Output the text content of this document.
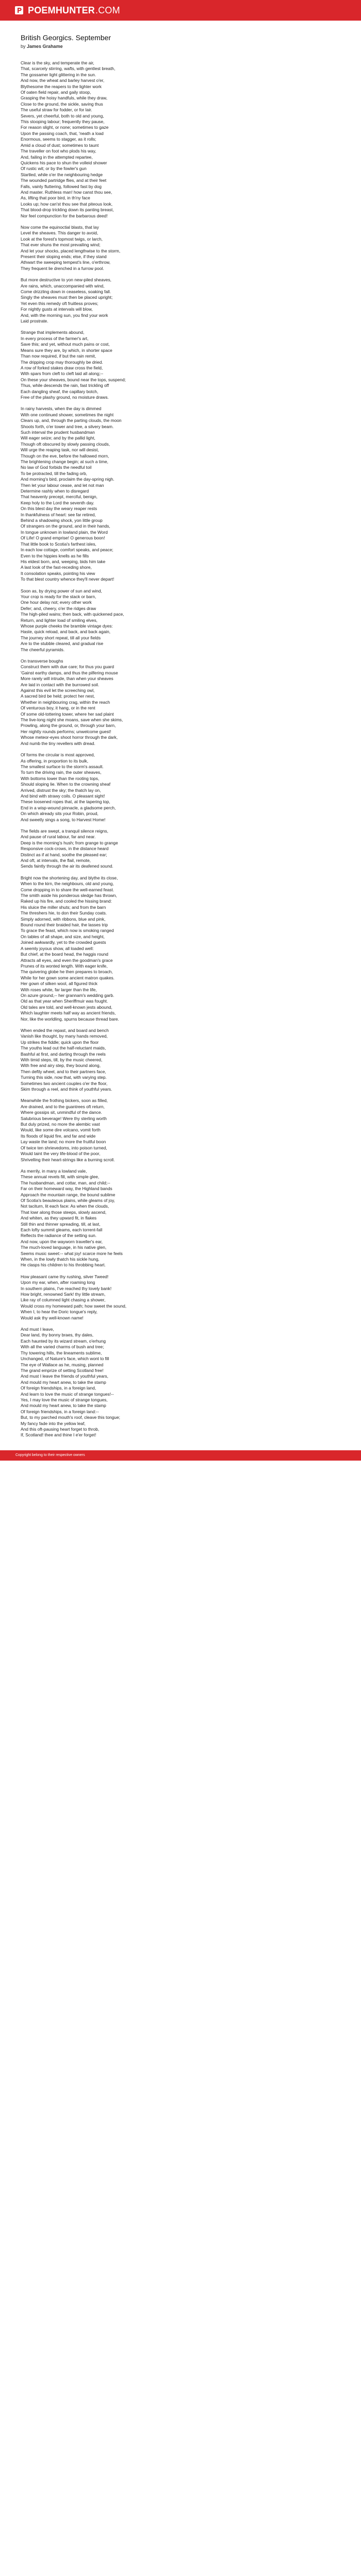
POEM HUNTER .COM
British Georgics. September

by James Grahame

Clear is the sky, and temperate the air,
That, scarcely stirring, wafts, with gentlest breath,
The gossamer light glittering in the sun.
And now, the wheat and barley harvest o'er,
Blythesome the reapers to the lighter work
Of oaten field repair, and gaily stoop,
Grasping the hoisy handfuls, while they draw,
Close to the ground, the sickle, saving thus
The useful straw for fodder, or for lair.
Severs, yet cheerful, both to old and young,
This stooping labour; frequently they pause,
For reason slight, or none; sometimes to gaze
Upon the passing coach, that, 'neath a load
Enormous, seems to stagger, as it rolls;
Amid a cloud of dust; sometimes to taunt
The traveller on foot who plods his way,
And, failing in the attempted repartee,
Quickens his pace to shun the volleid shower
Of rustic wit; or by the fowler's gun
Startled, while o'er the neighbouring hedge
The wounded partridge flies, and at their feet
Falls, vainly fluttering, followed fast by dog
And master. Ruthless man! how canst thou see,
As, lifting that poor bird, in th'ny face
Looks up; how can'st thou see that piteous look,
That blood-drop trickling down its panting breast,
Nor feel compunction for the barbarous deed!
Now come the equinoctial blasts, that lay
Level the sheaves. This danger to avoid,
Look at the forest's topmost twigs, or larch,
That ever shuns the most prevailing wind;
And let your shocks, placed lengthwise to the storm,
Present their sloping ends; else, if they stand
Athwart the sweeping tempest's line, o'erthrow,
They frequent lie drenched in a furrow pool.
But more destructive to yon new-piled sheaves,
Are rains, which, unaccompanied with wind,
Come drizzling down in ceaseless, soaking fall.
Singly the sheaves must then be placed upright;
Yet even this remedy oft fruitless proves;
For nightly gusts at intervals will blow,
And, with the morning sun, you find your work
Laid prostrate.
Strange that implements abound,
In every process of the farmer's art,
Save this; and yet, without much pains or cost,
Means sure they are, by which, in shorter space
Than now required, if but the rain remit,
The dripping crop may thoroughly be dried.
A row of forked stakes draw cross the field,
With spars from cleft to cleft laid all along;--
On these your sheaves, bound near the tops, suspend;
Thus, while descends the rain, fast trickling off
Each dangling sheaf, the capillary botch,
Free of the plashy ground, no moisture draws.
In rainy harvests, when the day is dimmed
With one continued shower, sometimes the night
Clears up, and, through the parting clouds, the moon
Shoots forth, o'er tower and tree, a silvery beam.
Such interval the prudent husbandman
Will eager seize; and by the pallid light,
Though oft obscured by slowly passing clouds,
Will urge the reaping task, nor will desist,
Though on the eve, before the hallowed morn,
The brightening change begin; at such a time,
No law of God forbids the needful toil
To be protracted, till the fading orb,
And morning's bird, proclaim the day-spring nigh.
Then let your labour cease, and let not man
Determine rashly when to disregard
That heavenly precept, merciful, benign,
Keep holy to the Lord the seventh day.
On this blest day the weary reaper rests
In thankfulness of heart: see far retired,
Behind a shadowing shock, yon little group
Of strangers on the ground, and in their hands,
In tongue unknown in lowland plain, the Word
Of Life! O grand emprise! O generous boon!
That little book to Scotia's farthest isles,
In each low cottage, comfort speaks, and peace;
Even to the hippies knells as he fills
His eldest born, and, weeping, bids him take
A last look of the fast-receding shore,
It consolation speaks, pointing his view
To that blest country whence they'll never depart!
Soon as, by drying power of sun and wind,
Your crop is ready for the stack or barn,
One hour delay not; every other work
Defer; and, cheery, o'er the ridges draw
The high-piled wains; then back, with quickened pace,
Return, and lighter load of smiling elves,
Whose purple cheeks the bramble vintage dyes:
Haste, quick reload, and back, and back again,
The journey short repeat, till all your fields
Are to the stubble cleared, and gradual rise
The cheerful pyramids.
On transverse boughs
Construct them with due care; for thus you guard
'Gainst earthy damps, and thus the pilfering mouse
More rarely will intrude, than when your sheaves
Are laid in contact with the burrowed soil.
Against this evil let the screeching owl,
A sacred bird be held; protect her nest,
Whether in neighbouring crag, within the reach
Of venturous boy, it hang, or in the rent
Of some old-tottering tower, where her sad plaint
The live-long night she moans, save when she skims,
Prowling, along the ground, or, through your barn,
Her nightly rounds performs; unwelcome guest!
Whose meteor-eyes shoot horror through the dark,
And numb the tiny revellers with dread.
Of forms the circular is most approved,
As offering, in proportion to its bulk,
The smallest surface to the storm's assault.
To turn the driving rain, the outer sheaves,
With bottoms lower than the rooting tops,
Should sloping lie. When to the crowning sheaf
Arrived, distrust the sky; the thatch lay on,
And bind with strawy coils. O pleasant sight!
These loosened ropes that, at the tapering top,
End in a wisp-wound pinnacle, a gladsome perch,
On which already sits your Robin, proud,
And sweetly sings a song, to Harvest Home!
The fields are swept, a tranquil silence reigns,
And pause of rural labour, far and near.
Deep is the morning's hush; from grange to grange
Responsive cock-crows, in the distance heard
Distinct as if at hand, soothe the pleased ear;
And oft, at intervals, the flail, remote,
Sends faintly through the air its deafened sound.
Bright now the shortening day, and blythe its close,
When to the kirn, the neighbours, old and young,
Come dropping in to share the well-earned feast.
The smith aside his ponderous sledge has thrown,
Raked up his fire, and cooled the hissing brand:
His sluice the miller shuts; and from the barn
The threshers hie, to don their Sunday coats.
Simply adorned, with ribbons, blue and pink,
Bound round their braided hair, the lasses trip
To grace the feast, which now is smoking ranged
On tables of all shape, and size, and height,
Joined awkwardly, yet to the crowded guests
A seemly joyous show, all loaded well:
But chief, at the board head, the haggis round
Attracts all eyes, and even the goodman's grace
Prunes of its wonted length. With eager knife,
The quivering globe he then prepares to broach,
While for her gown some ancient matron quakes.
Her gown of silken wool, all figured thick
With roses white, far larger than the life,
On azure ground,-- her grannam's wedding garb.
Old as that year when Sheriffmuir was fought.
Old tales are told, and well-known jests abound,
Which laughter meets half way as ancient friends,
Nor, like the worldling, spurns because thread bare.
When ended the repast, and board and bench
Vanish like thought, by many hands removed,
Up strikes the fiddle; quick upon the floor
The youths lead out the half-reluctant maids,
Bashful at first, and darting through the reels
With timid steps, till, by the music cheered,
With free and airy step, they bound along,
Then deftly wheel, and to their partners face,
Turning this side, now that, with varying step.
Sometimes two ancient couples o'er the floor,
Skim through a reel, and think of youthful years.
Meanwhile the frothing bickers, soon as filled,
Are drained, and to the guantrees oft return,
Where gossips sit, unmindful of the dance.
Salubrious beverage! Were thy sterling worth
But duly prized, no more the alembic vast
Would, like some dire volcano, vomit forth
Its floods of liquid fire, and far and wide
Lay waste the land; no more the fruitful boon
Of twice ten shrievedoms, into poison turned,
Would taint the very life-blood of the poor,
Shrivelling their heart-strings like a burning scroll.
As merrily, in many a lowland vale,
These annual revels fill, with simple glee,
The husbandman, and cottar, man, and child;--
Far on their homeward way, the Highland bands
Approach the mountain range, the bound sublime
Of Scotia's beauteous plains, while gleams of joy,
Not taciturn, lit each face: As when the clouds,
That lowr along those steeps, slowly ascend,
And whiten, as they upward fit, in flakes
Still thin and thinner spreading, till, at last,
Each lofty summit gleams, each torrent-fall
Reflects the radiance of the setting sun.
And now, upon the wayworn traveller's ear,
The much-loved language, in his native glen,
Seems music sweet:-- what joy! scarce more he feels
When, in the lowly thatch his sickle hung,
He clasps his children to his throbbing heart.
How pleasant came thy rushing, silver Tweed!
Upon my ear, when, after roaming long
In southern plains, I've reached thy lovely bank!
How bright, renowned Sark! thy little stream,
Like ray of columned light chasing a shower,
Would cross my homeward path; how sweet the sound,
When I, to hear the Doric tongue's reply,
Would ask thy well-known name!
And must I leave,
Dear land, thy bonny braes, thy dales,
Each haunted by its wizard stream, o'erhung
With all the varied charms of bush and tree;
Thy towering hills, the lineaments sublime,
Unchanged, of Nature's face, which wont to fill
The eye of Wallace as he, musing, planned
The grand emprize of setting Scotland free!
And must I leave the friends of youthful years,
And mould my heart anew, to take the stamp
Of foreign friendships, in a foreign land,
And learn to love the music of strange tongues!--
Yes, I may love the music of strange tongues,
And mould my heart anew, to take the stamp
Of foreign friendships, in a foreign land:--
But, to my parched mouth's roof, cleave this tongue;
My fancy fade into the yellow leaf,
And this oft-pausing heart forget to throb,
If, Scotland! thee and thine I e'er forget!
Copyright belong to their respective owners
